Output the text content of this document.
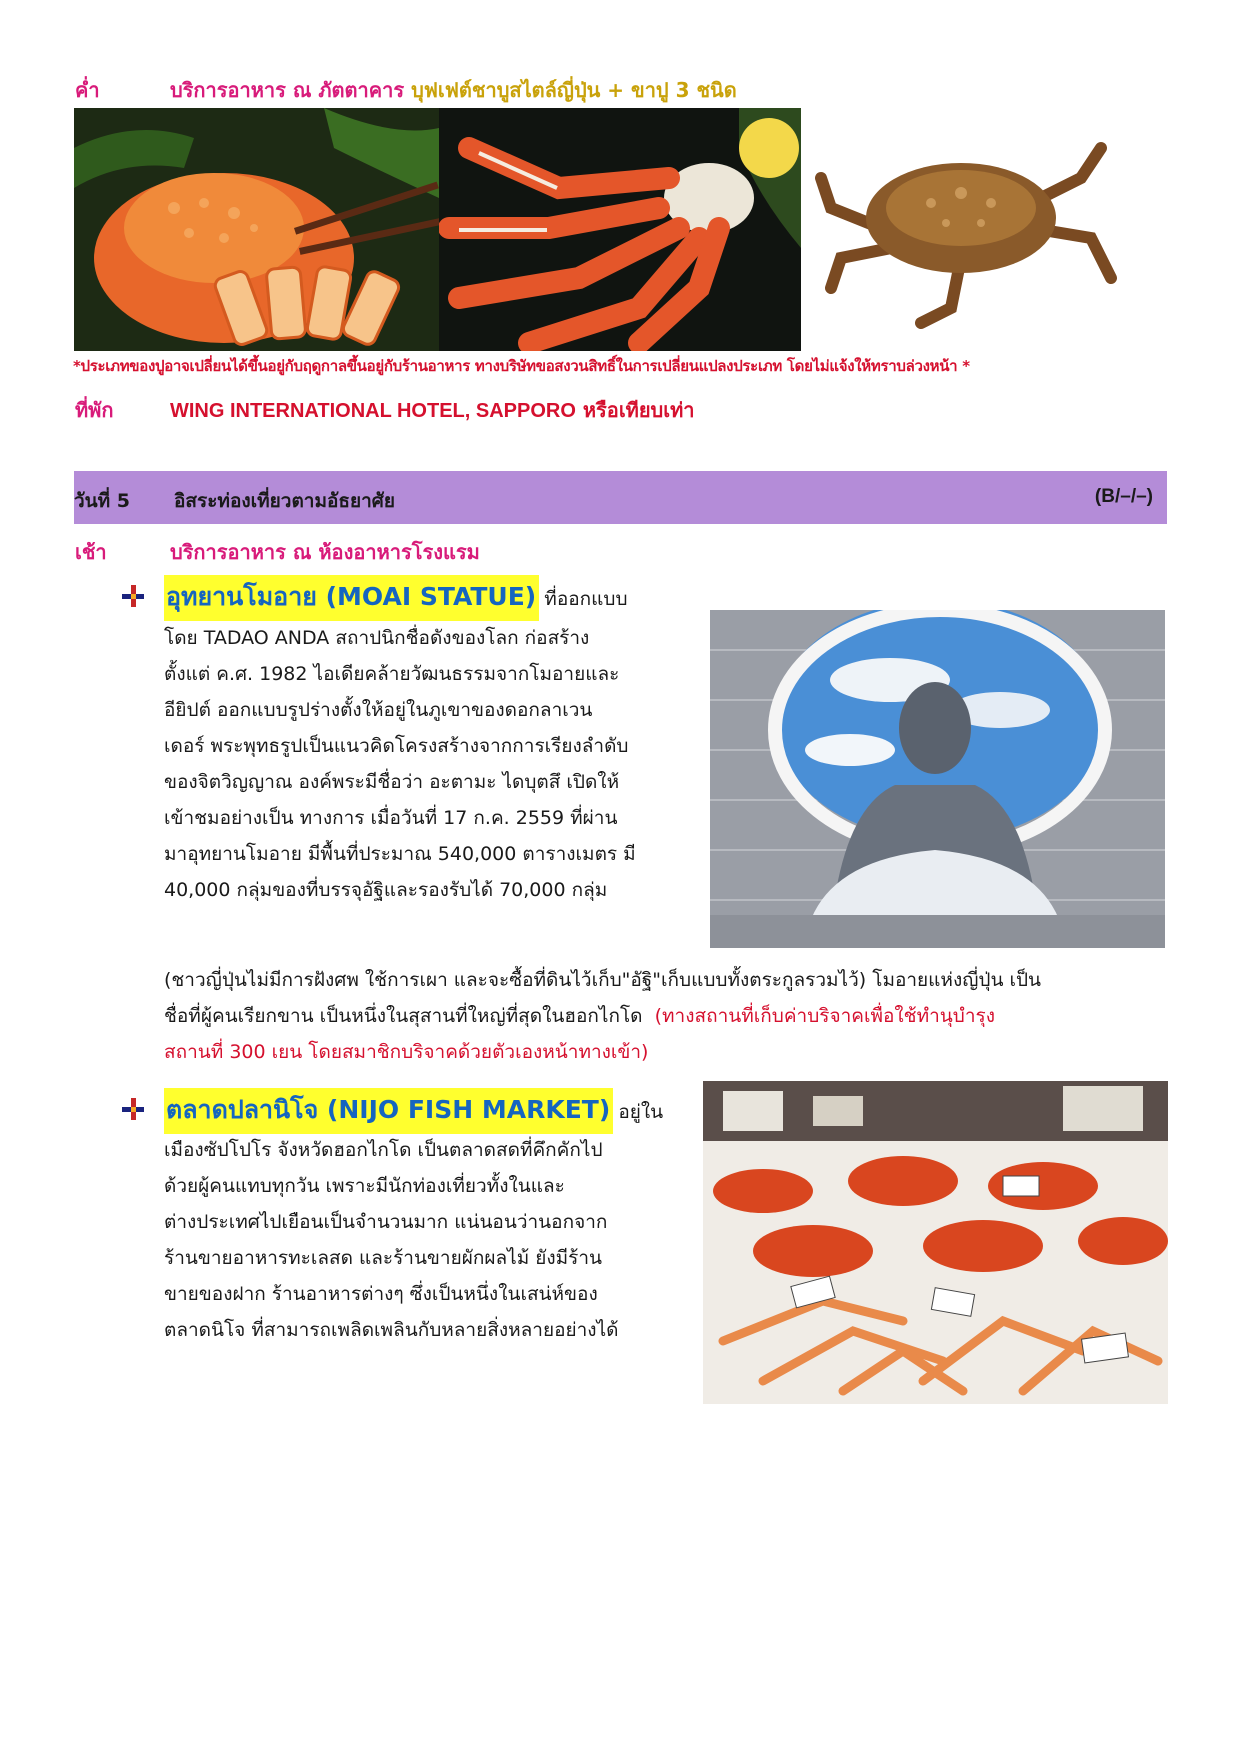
ค่ำ	บริการอาหาร ณ ภัตตาคาร บุฟเฟต์ชาบูสไตล์ญี่ปุ่น + ขาปู 3 ชนิด
*ประเภทของปูอาจเปลี่ยนได้ขึ้นอยู่กับฤดูกาลขึ้นอยู่กับร้านอาหาร ทางบริษัทขอสงวนสิทธิ์ในการเปลี่ยนแปลงประเภท โดยไม่แจ้งให้ทราบล่วงหน้า *
ที่พัก	WING INTERNATIONAL HOTEL, SAPPORO หรือเทียบเท่า
วันที่ 5 อิสระท่องเที่ยวตามอัธยาศัย	(B/–/–)
เช้า	บริการอาหาร ณ ห้องอาหารโรงแรม
อุทยานโมอาย (MOAI STATUE) ที่ออกแบบ

โดย TADAO ANDA สถาปนิกชื่อดังของโลก ก่อสร้าง

ตั้งแต่ ค.ศ. 1982 ไอเดียคล้ายวัฒนธรรมจากโมอายและ

อียิปต์ ออกแบบรูปร่างตั้งให้อยู่ในภูเขาของดอกลาเวน

เดอร์ พระพุทธรูปเป็นแนวคิดโครงสร้างจากการเรียงลำดับ

ของจิตวิญญาณ องค์พระมีชื่อว่า อะตามะ ไดบุตสึ เปิดให้

เข้าชมอย่างเป็น ทางการ เมื่อวันที่ 17 ก.ค. 2559 ที่ผ่าน

มาอุทยานโมอาย มีพื้นที่ประมาณ 540,000 ตารางเมตร มี

40,000 กลุ่มของที่บรรจุอัฐิและรองรับได้ 70,000 กลุ่ม

(ชาวญี่ปุ่นไม่มีการฝังศพ ใช้การเผา และจะซื้อที่ดินไว้เก็บ"อัฐิ"เก็บแบบทั้งตระกูลรวมไว้) โมอายแห่งญี่ปุ่น เป็น

ชื่อที่ผู้คนเรียกขาน เป็นหนึ่งในสุสานที่ใหญ่ที่สุดในฮอกไกโด (ทางสถานที่เก็บค่าบริจาคเพื่อใช้ทำนุบำรุง

สถานที่ 300 เยน โดยสมาชิกบริจาคด้วยตัวเองหน้าทางเข้า)

ตลาดปลานิโจ (NIJO FISH MARKET) อยู่ใน

เมืองซัปโปโร จังหวัดฮอกไกโด เป็นตลาดสดที่คึกคักไป

ด้วยผู้คนแทบทุกวัน เพราะมีนักท่องเที่ยวทั้งในและ

ต่างประเทศไปเยือนเป็นจำนวนมาก แน่นอนว่านอกจาก

ร้านขายอาหารทะเลสด และร้านขายผักผลไม้ ยังมีร้าน

ขายของฝาก ร้านอาหารต่างๆ ซึ่งเป็นหนึ่งในเสน่ห์ของ

ตลาดนิโจ ที่สามารถเพลิดเพลินกับหลายสิ่งหลายอย่างได้
